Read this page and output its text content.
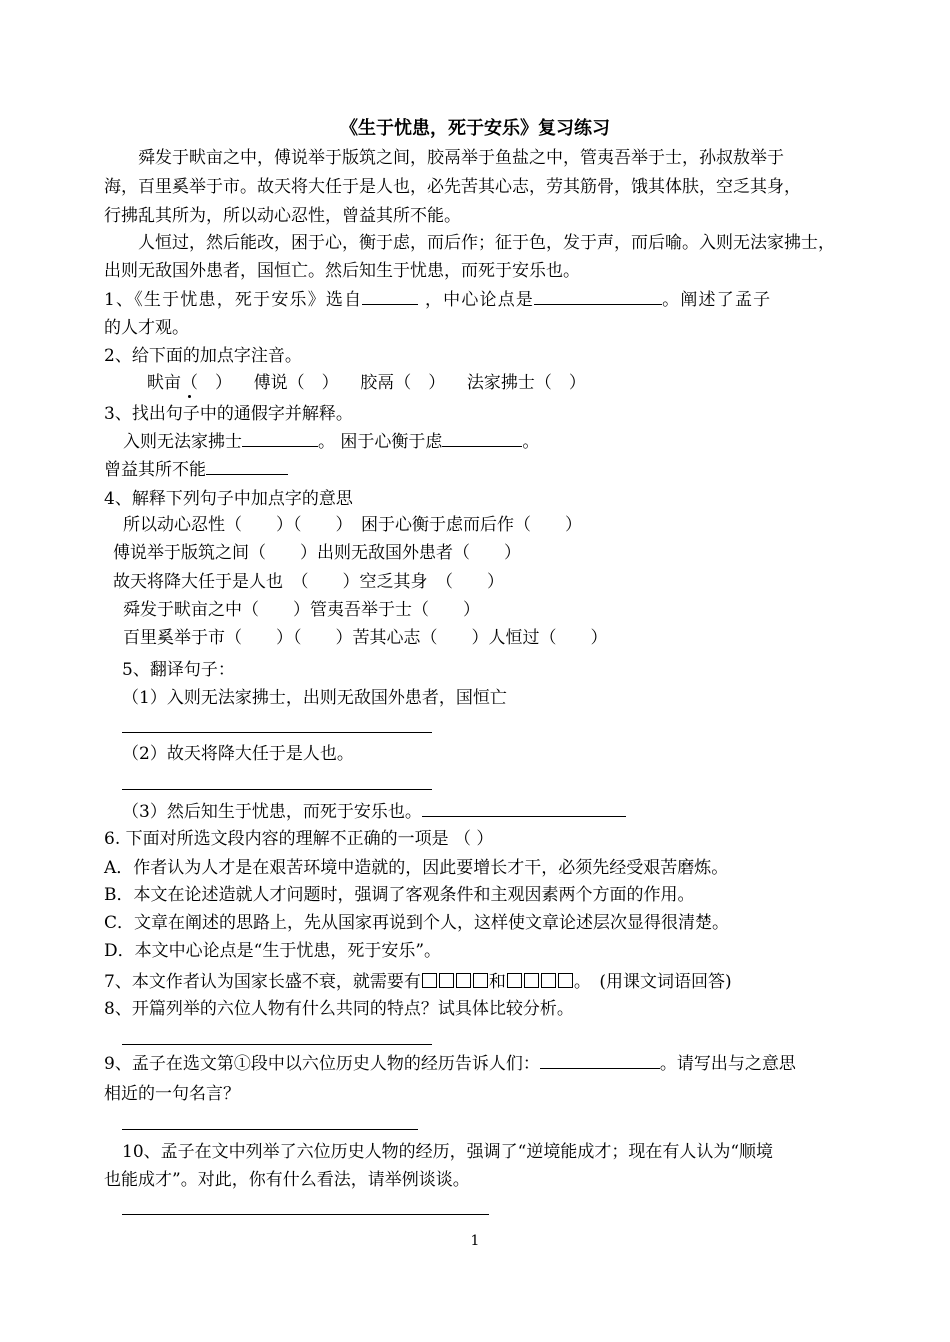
《生于忧患，死于安乐》复习练习

　　舜发于畎亩之中，傅说举于版筑之间，胶鬲举于鱼盐之中，管夷吾举于士，孙叔敖举于

海，百里奚举于市。故天将大任于是人也，必先苦其心志，劳其筋骨，饿其体肤，空乏其身，

行拂乱其所为，所以动心忍性，曾益其所不能。

　　人恒过，然后能改，困于心，衡于虑，而后作；征于色，发于声，而后喻。入则无法家拂士，

出则无敌国外患者，国恒亡。然后知生于忧患，而死于安乐也。

1、《生于忧患，死于安乐》选自	，中心论点是	。阐述了孟子

的人才观。

2、给下面的加点字注音。

畎亩（　） 傅说（　） 胶鬲（　） 法家拂士（　）

3、找出句子中的通假字并解释。

入则无法家拂士	。 困于心衡于虑	。

曾益其所不能

4、解释下列句子中加点字的意思

所以动心忍性（　　）（　　）　困于心衡于虑而后作（　　）

傅说举于版筑之间（　　）出则无敌国外患者（　　）

故天将降大任于是人也　（　　）空乏其身　（　　）

舜发于畎亩之中（　　）管夷吾举于士（　　）

百里奚举于市（　　）（　　）苦其心志（　　）人恒过（　　）

5、翻译句子：

（1）入则无法家拂士，出则无敌国外患者，国恒亡

（2）故天将降大任于是人也。

（3）然后知生于忧患，而死于安乐也。

6. 下面对所选文段内容的理解不正确的一项是 （ ）

A．作者认为人才是在艰苦环境中造就的，因此要增长才干，必须先经受艰苦磨炼。

B．本文在论述造就人才问题时，强调了客观条件和主观因素两个方面的作用。

C．文章在阐述的思路上，先从国家再说到个人，这样使文章论述层次显得很清楚。

D．本文中心论点是“生于忧患，死于安乐”。

7、本文作者认为国家长盛不衰，就需要有	和	。　(用课文词语回答)

8、开篇列举的六位人物有什么共同的特点？试具体比较分析。

9、孟子在选文第①段中以六位历史人物的经历告诉人们：	。请写出与之意思

相近的一句名言？

10、孟子在文中列举了六位历史人物的经历，强调了“逆境能成才；现在有人认为“顺境

也能成才”。对此，你有什么看法，请举例谈谈。

1
